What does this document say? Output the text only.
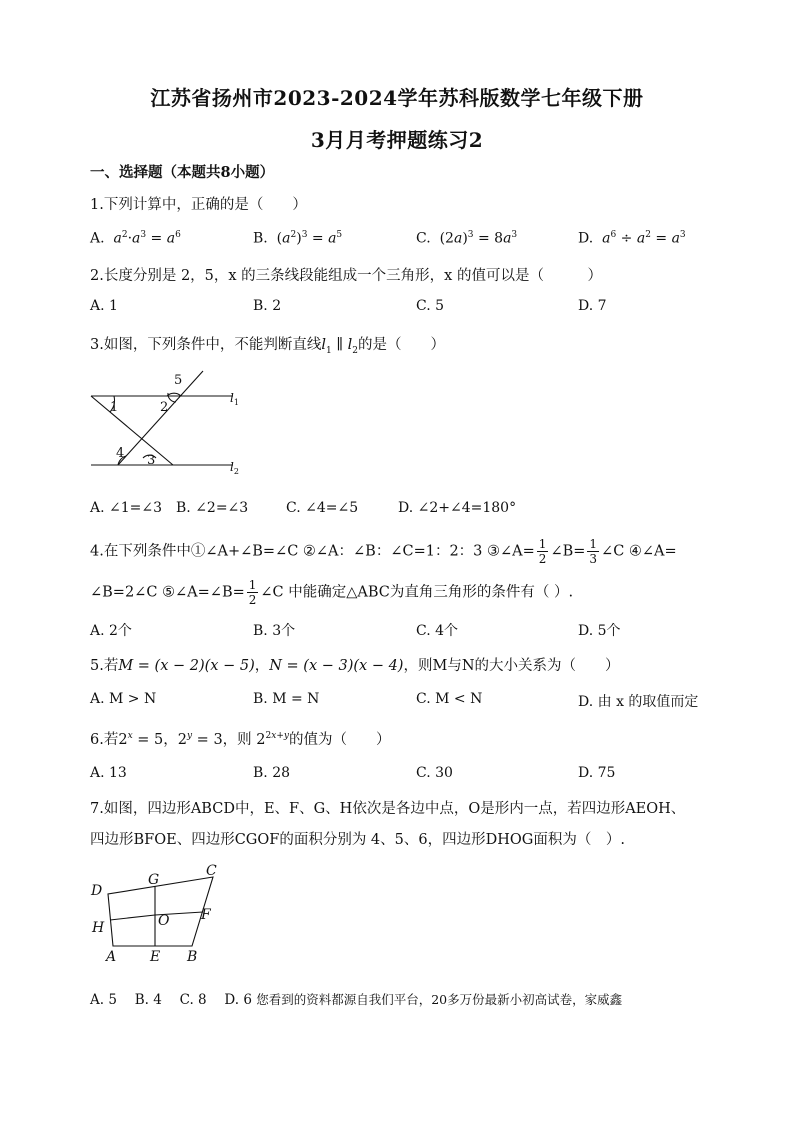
江苏省扬州市2023-2024学年苏科版数学七年级下册
3月月考押题练习2
一、选择题（本题共8小题）
1.下列计算中，正确的是（　　）
A. $a^2\cdot a^3 = a^6$	B.  $(a^2)^3 = a^5$	C.  $(2a)^3 = 8a^3$	D. $a^6 \div a^2 = a^3$
2.长度分别是 2，5，x 的三条线段能组成一个三角形，x 的值可以是（　　　）
A. 1	B. 2	C. 5	D. 7
3.如图，下列条件中，不能判断直线$l_1$ ∥ $l_2$的是（　　）
1	2
5
4 3
$l_1$
$l_2$
A. ∠1=∠3 B. ∠2=∠3	C. ∠4=∠5	D. ∠2+∠4=180°
4.在下列条件中①∠A+∠B=∠C ②∠A：∠B：∠C=1：2：3 ③∠A= $\frac{1}{2}$ ∠B= $\frac{1}{3}$ ∠C ④∠A=
∠B=2∠C ⑤∠A=∠B= $\frac{1}{2}$ ∠C 中能确定△ABC为直角三角形的条件有（ ）.
A. 2个	B. 3个	C. 4个	D. 5个
5.若M = (x − 2)(x − 5)，N = (x − 3)(x − 4)，则M与N的大小关系为（　　）
A. M > N	B. M = N	C. M < N	D. 由 x 的取值而定
6.若$2^x = 5$，$2^y = 3$，则 $2^{2x+y}$的值为（　　）
A. 13	B. 28	C. 30	D. 75
7.如图，四边形ABCD中，E、F、G、H依次是各边中点，O是形内一点，若四边形AEOH、
四边形BFOE、四边形CGOF的面积分别为 4、5、6，四边形DHOG面积为（　）.
D
G
C
H	O F
A E B
A. 5　 B. 4　 C. 8　 D. 6 您看到的资料都源自我们平台，20多万份最新小初高试卷，家威鑫
